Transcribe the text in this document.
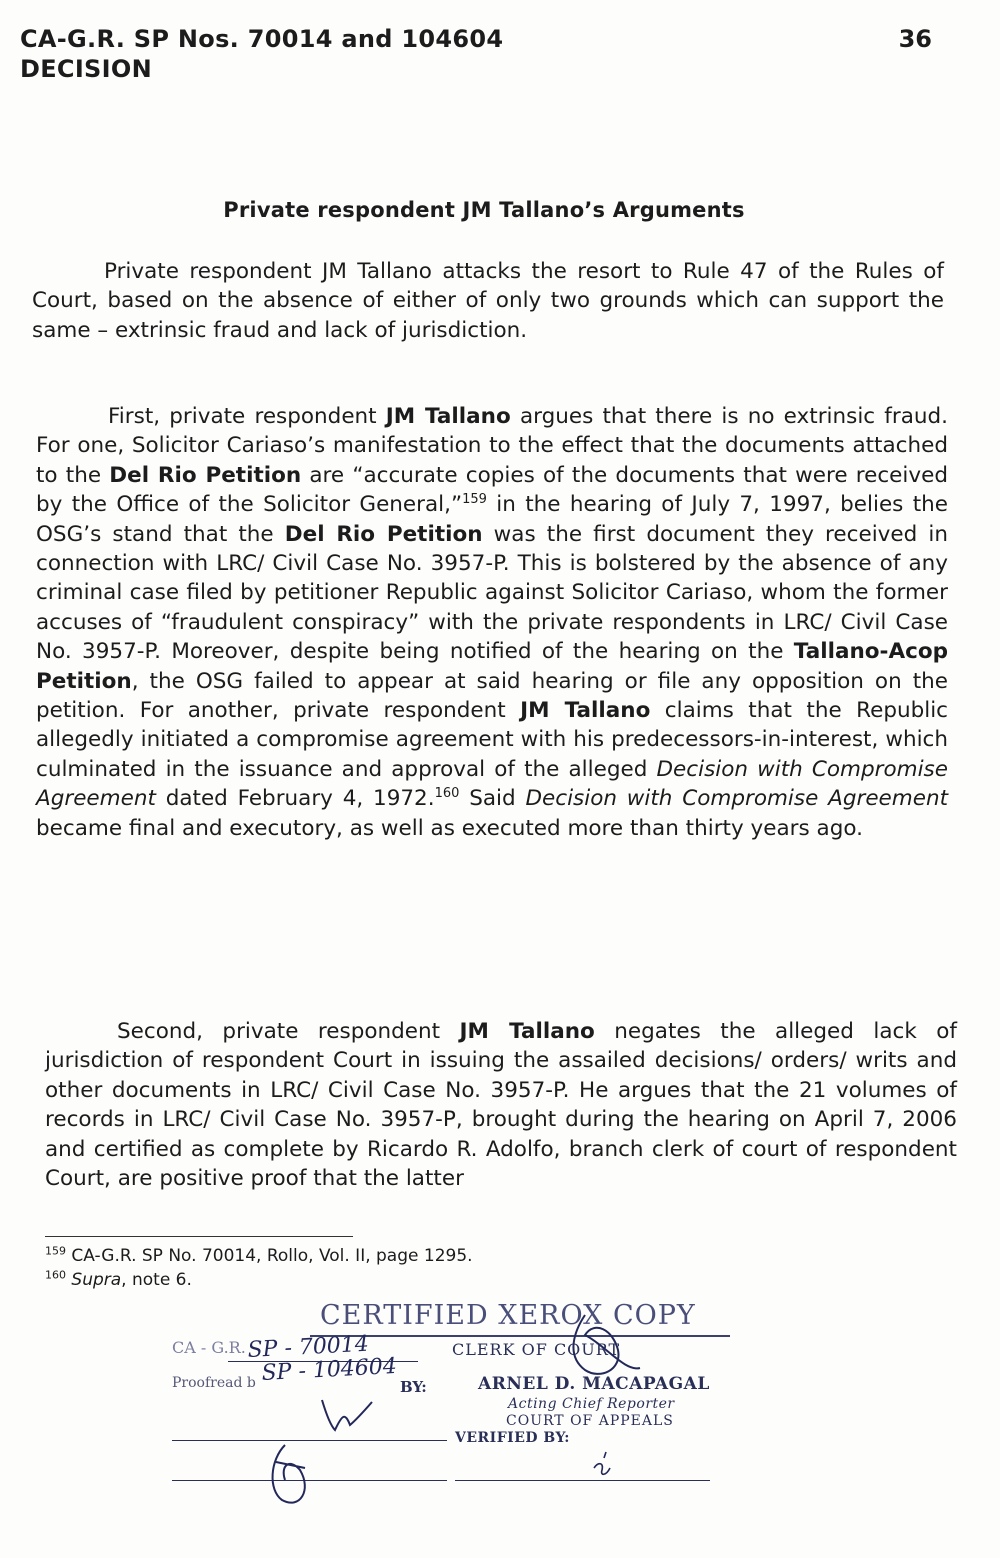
CA-G.R. SP Nos. 70014 and 104604
DECISION
36
Private respondent JM Tallano’s Arguments

Private respondent JM Tallano attacks the resort to Rule 47 of the Rules of Court, based on the absence of either of only two grounds which can support the same – extrinsic fraud and lack of jurisdiction.

First, private respondent JM Tallano argues that there is no extrinsic fraud. For one, Solicitor Cariaso’s manifestation to the effect that the documents attached to the Del Rio Petition are “accurate copies of the documents that were received by the Office of the Solicitor General,”$^{159}$ in the hearing of July 7, 1997, belies the OSG’s stand that the Del Rio Petition was the first document they received in connection with LRC/ Civil Case No. 3957-P. This is bolstered by the absence of any criminal case filed by petitioner Republic against Solicitor Cariaso, whom the former accuses of “fraudulent conspiracy” with the private respondents in LRC/ Civil Case No. 3957-P. Moreover, despite being notified of the hearing on the Tallano-Acop Petition, the OSG failed to appear at said hearing or file any opposition on the petition. For another, private respondent JM Tallano claims that the Republic allegedly initiated a compromise agreement with his predecessors-in-interest, which culminated in the issuance and approval of the alleged Decision with Compromise Agreement dated February 4, 1972.$^{160}$ Said Decision with Compromise Agreement became final and executory, as well as executed more than thirty years ago.

Second, private respondent JM Tallano negates the alleged lack of jurisdiction of respondent Court in issuing the assailed decisions/ orders/ writs and other documents in LRC/ Civil Case No. 3957-P. He argues that the 21 volumes of records in LRC/ Civil Case No. 3957-P, brought during the hearing on April 7, 2006 and certified as complete by Ricardo R. Adolfo, branch clerk of court of respondent Court, are positive proof that the latter

$^{159}$ CA-G.R. SP No. 70014, Rollo, Vol. II, page 1295.
$^{160}$ Supra, note 6.
CERTIFIED XEROX COPY
CLERK OF COURT
CA - G.R.
Proofread b	BY:	ARNEL D. MACAPAGAL
Acting Chief Reporter
COURT OF APPEALS
VERIFIED BY:
SP - 70014
SP - 104604
